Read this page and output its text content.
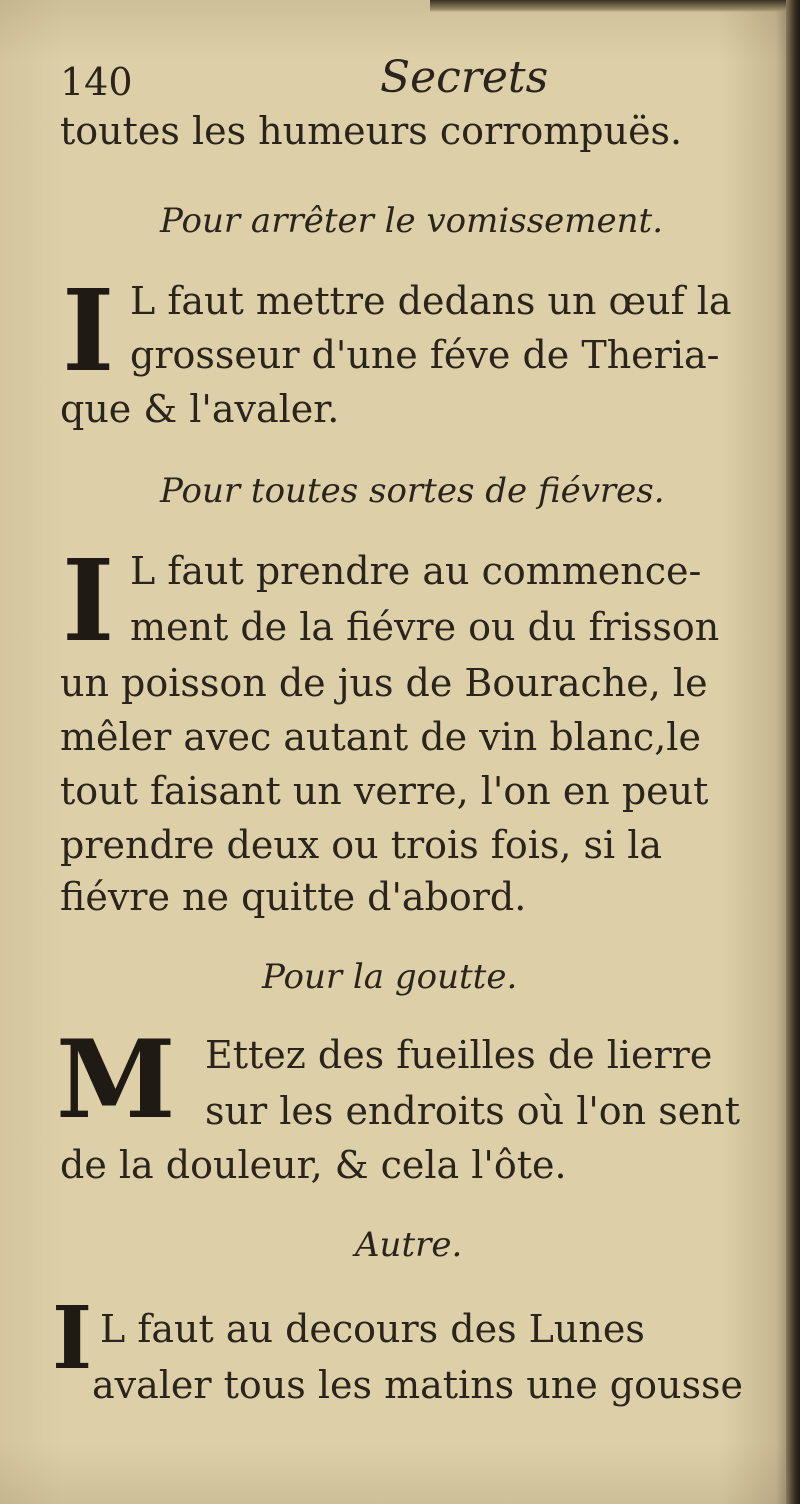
140	Secrets
toutes les humeurs corrompuës.
Pour arrêter le vomissement.
I L faut mettre dedans un œuf la
grosseur d'une féve de Theria-
que & l'avaler.
Pour toutes sortes de fiévres.
I L faut prendre au commence-
ment de la fiévre ou du frisson
un poisson de jus de Bourache, le
mêler avec autant de vin blanc,le
tout faisant un verre, l'on en peut
prendre deux ou trois fois, si la
fiévre ne quitte d'abord.
Pour la goutte.
M Ettez des fueilles de lierre
sur les endroits où l'on sent
de la douleur, & cela l'ôte.
Autre.
I L faut au decours des Lunes
avaler tous les matins une gousse
